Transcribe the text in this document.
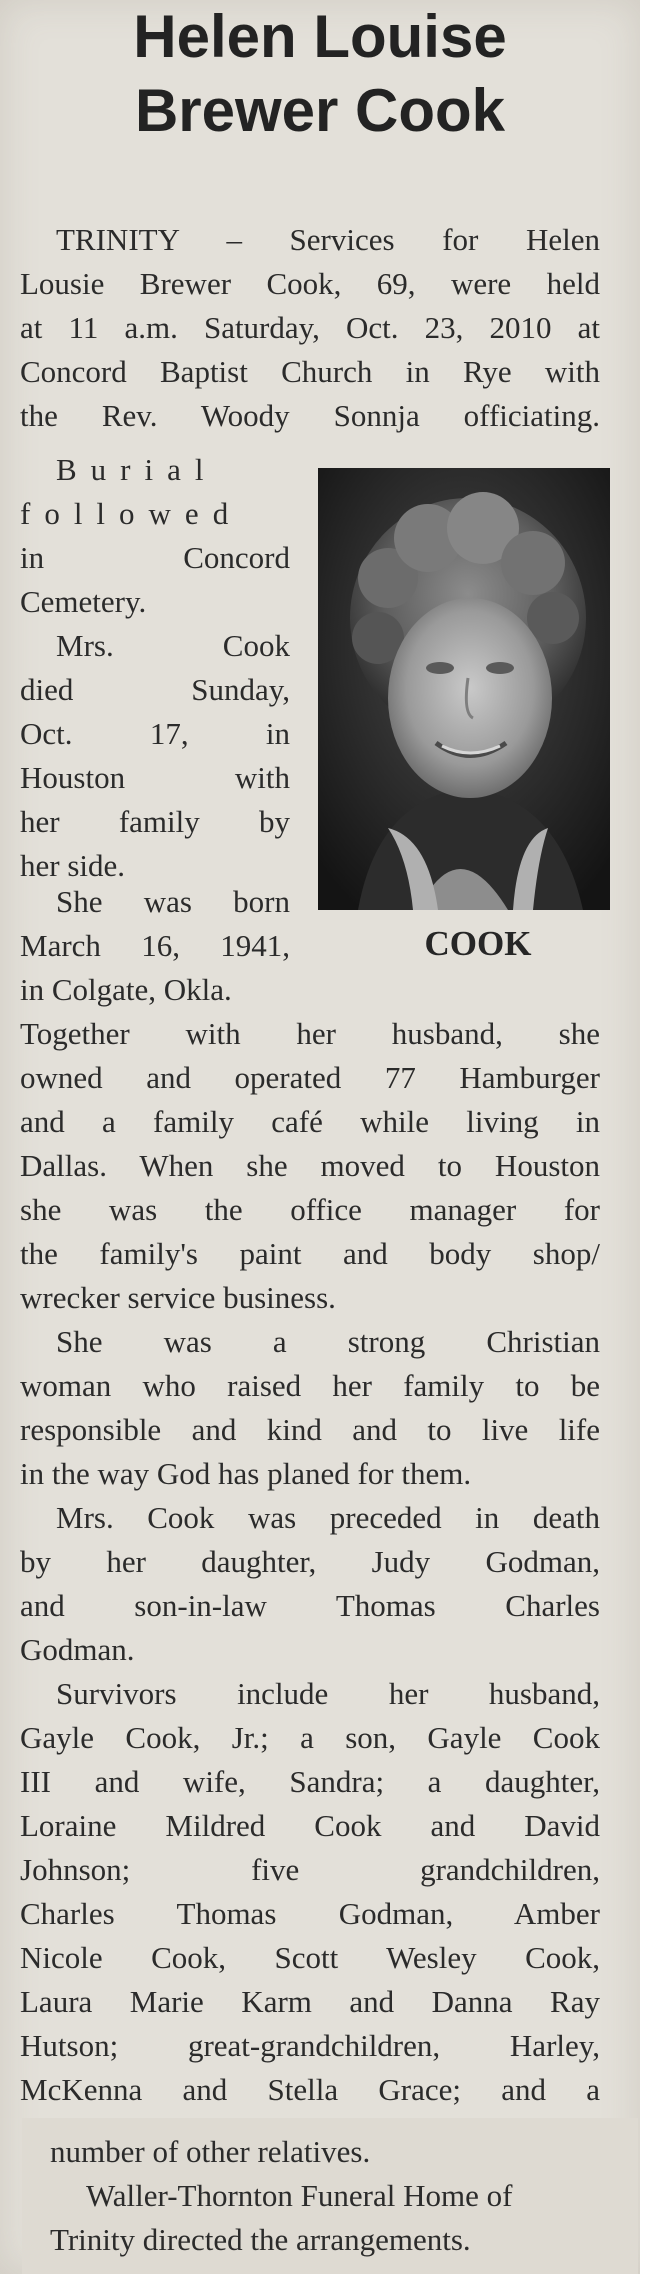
Helen Louise
Brewer Cook
TRINITY – Services for Helen
Lousie Brewer Cook, 69, were held
at 11 a.m. Saturday, Oct. 23, 2010 at
Concord Baptist Church in Rye with
the Rev. Woody Sonnja officiating.
Burial
followed
in Concord
Cemetery.
Mrs. Cook
died Sunday,
Oct. 17, in
Houston with
her family by
her side.
She was born
March 16, 1941,
in Colgate, Okla.
COOK
Together with her husband, she
owned and operated 77 Hamburger
and a family café while living in
Dallas. When she moved to Houston
she was the office manager for
the family's paint and body shop/
wrecker service business.
She was a strong Christian
woman who raised her family to be
responsible and kind and to live life
in the way God has planed for them.
Mrs. Cook was preceded in death
by her daughter, Judy Godman,
and son-in-law Thomas Charles
Godman.
Survivors include her husband,
Gayle Cook, Jr.; a son, Gayle Cook
III and wife, Sandra; a daughter,
Loraine Mildred Cook and David
Johnson; five grandchildren,
Charles Thomas Godman, Amber
Nicole Cook, Scott Wesley Cook,
Laura Marie Karm and Danna Ray
Hutson; great-grandchildren, Harley,
McKenna and Stella Grace; and a
number of other relatives.
Waller-Thornton Funeral Home of
Trinity directed the arrangements.
